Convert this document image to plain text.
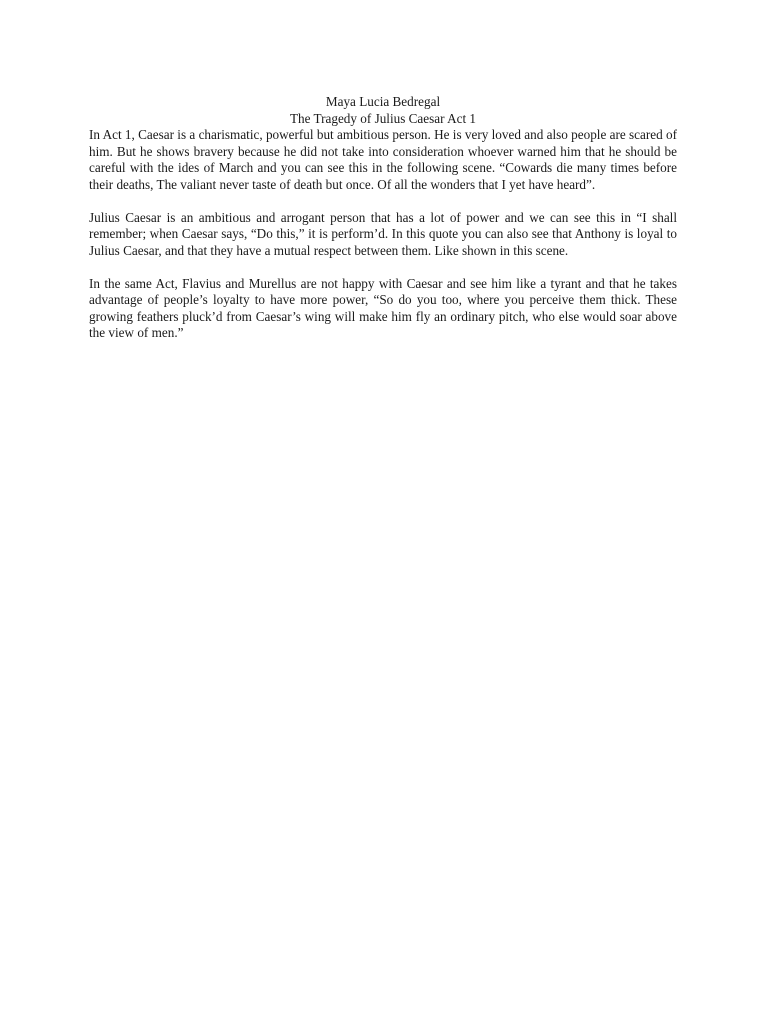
Maya Lucia Bedregal

The Tragedy of Julius Caesar Act 1

In Act 1, Caesar is a charismatic, powerful but ambitious person. He is very loved and also people are scared of him. But he shows bravery because he did not take into consideration whoever warned him that he should be careful with the ides of March and you can see this in the following scene. “Cowards die many times before their deaths, The valiant never taste of death but once. Of all the wonders that I yet have heard”.

Julius Caesar is an ambitious and arrogant person that has a lot of power and we can see this in “I shall remember; when Caesar says, “Do this,” it is perform’d. In this quote you can also see that Anthony is loyal to Julius Caesar, and that they have a mutual respect between them. Like shown in this scene.

In the same Act, Flavius and Murellus are not happy with Caesar and see him like a tyrant and that he takes advantage of people’s loyalty to have more power, “So do you too, where you perceive them thick. These growing feathers pluck’d from Caesar’s wing will make him fly an ordinary pitch, who else would soar above the view of men.”
